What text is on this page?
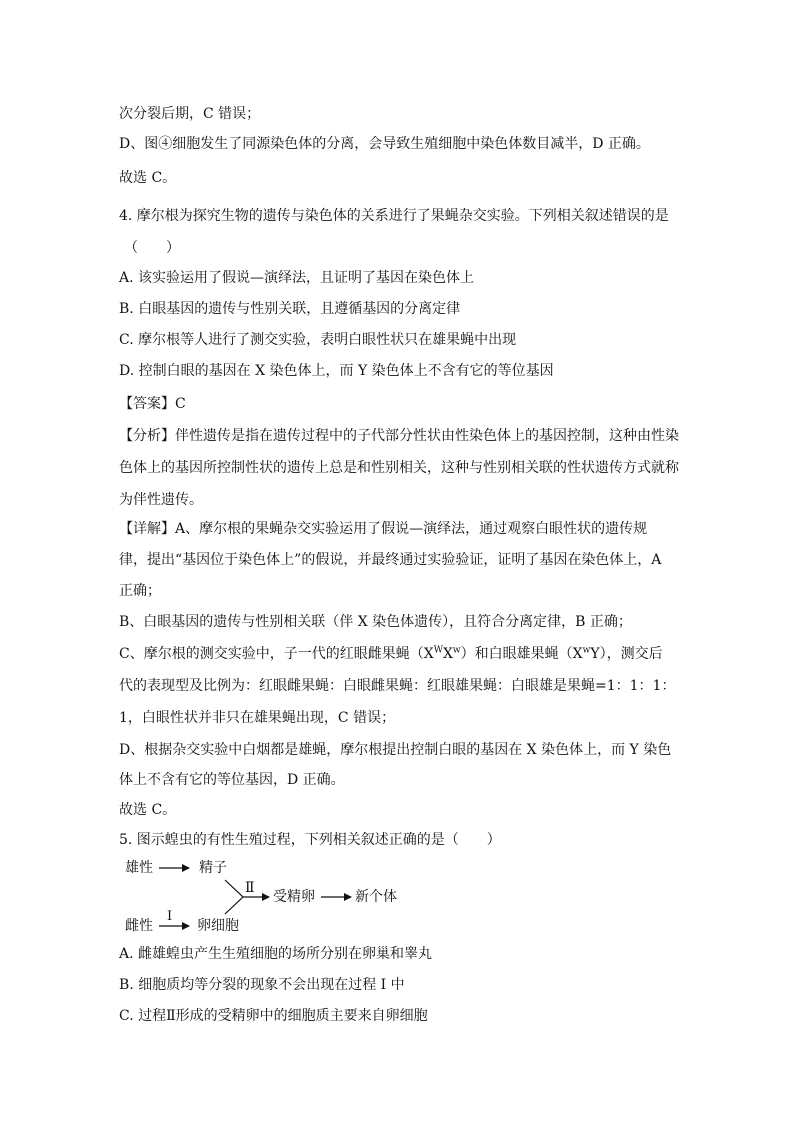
次分裂后期，C 错误；
D、图④细胞发生了同源染色体的分离，会导致生殖细胞中染色体数目减半，D 正确。
故选 C。
4. 摩尔根为探究生物的遗传与染色体的关系进行了果蝇杂交实验。下列相关叙述错误的是
（　　）
A. 该实验运用了假说—演绎法，且证明了基因在染色体上
B. 白眼基因的遗传与性别关联，且遵循基因的分离定律
C. 摩尔根等人进行了测交实验，表明白眼性状只在雄果蝇中出现
D. 控制白眼的基因在 X 染色体上，而 Y 染色体上不含有它的等位基因
【答案】C
【分析】伴性遗传是指在遗传过程中的子代部分性状由性染色体上的基因控制，这种由性染
色体上的基因所控制性状的遗传上总是和性别相关，这种与性别相关联的性状遗传方式就称
为伴性遗传。
【详解】A、摩尔根的果蝇杂交实验运用了假说—演绎法，通过观察白眼性状的遗传规
律，提出“基因位于染色体上”的假说，并最终通过实验验证，证明了基因在染色体上，A
正确；
B、白眼基因的遗传与性别相关联（伴 X 染色体遗传），且符合分离定律，B 正确；
C、摩尔根的测交实验中，子一代的红眼雌果蝇$(X^WX^w)$和白眼雄果蝇$(X^wY)$，测交后
代的表现型及比例为：红眼雌果蝇：白眼雌果蝇：红眼雄果蝇：白眼雄是果蝇=1：1：1：
1，白眼性状并非只在雄果蝇出现，C 错误；
D、根据杂交实验中白烟都是雄蝇，摩尔根提出控制白眼的基因在 X 染色体上，而 Y 染色
体上不含有它的等位基因，D 正确。
故选 C。
5. 图示蝗虫的有性生殖过程，下列相关叙述正确的是（　　）
雄性	精子
Ⅱ
受精卵	新个体
I
雌性	卵细胞
A. 雌雄蝗虫产生生殖细胞的场所分别在卵巢和睾丸
B. 细胞质均等分裂的现象不会出现在过程 I 中
C. 过程Ⅱ形成的受精卵中的细胞质主要来自卵细胞
